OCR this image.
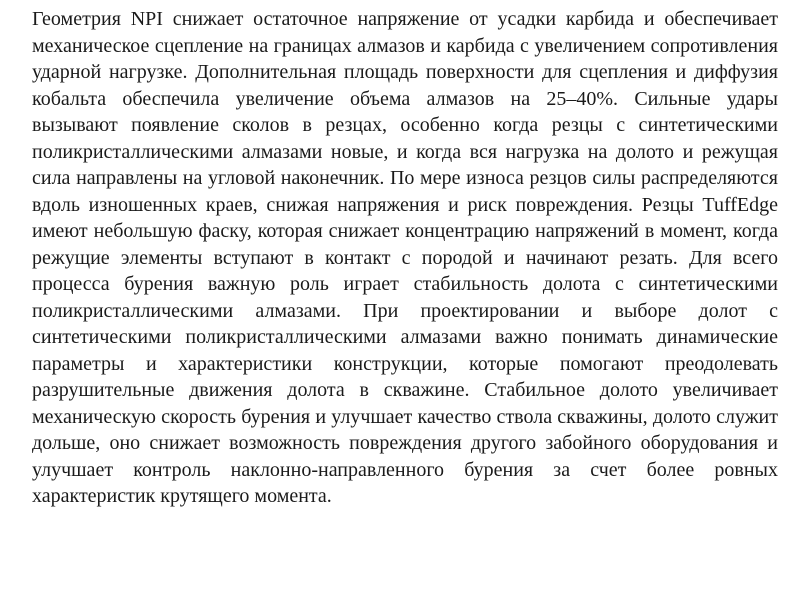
Геометрия NPI снижает остаточное напряжение от усадки карбида и обеспечивает механическое сцепление на границах алмазов и карбида с увеличением сопротивления ударной нагрузке. Дополнительная площадь поверхности для сцепления и диффузия кобальта обеспечила увеличение объема алмазов на 25–40%. Сильные удары вызывают появление сколов в резцах, особенно когда резцы с синтетическими поликристаллическими алмазами новые, и когда вся нагрузка на долото и режущая сила направлены на угловой наконечник. По мере износа резцов силы распределяются вдоль изношенных краев, снижая напряжения и риск повреждения. Резцы TuffEdge имеют небольшую фаску, которая снижает концентрацию напряжений в момент, когда режущие элементы вступают в контакт с породой и начинают резать. Для всего процесса бурения важную роль играет стабильность долота с синтетическими поликристаллическими алмазами. При проектировании и выборе долот с синтетическими поликристаллическими алмазами важно понимать динамические параметры и характеристики конструкции, которые помогают преодолевать разрушительные движения долота в скважине. Стабильное долото увеличивает механическую скорость бурения и улучшает качество ствола скважины, долото служит дольше, оно снижает возможность повреждения другого забойного оборудования и улучшает контроль наклонно-направленного бурения за счет более ровных характеристик крутящего момента.
